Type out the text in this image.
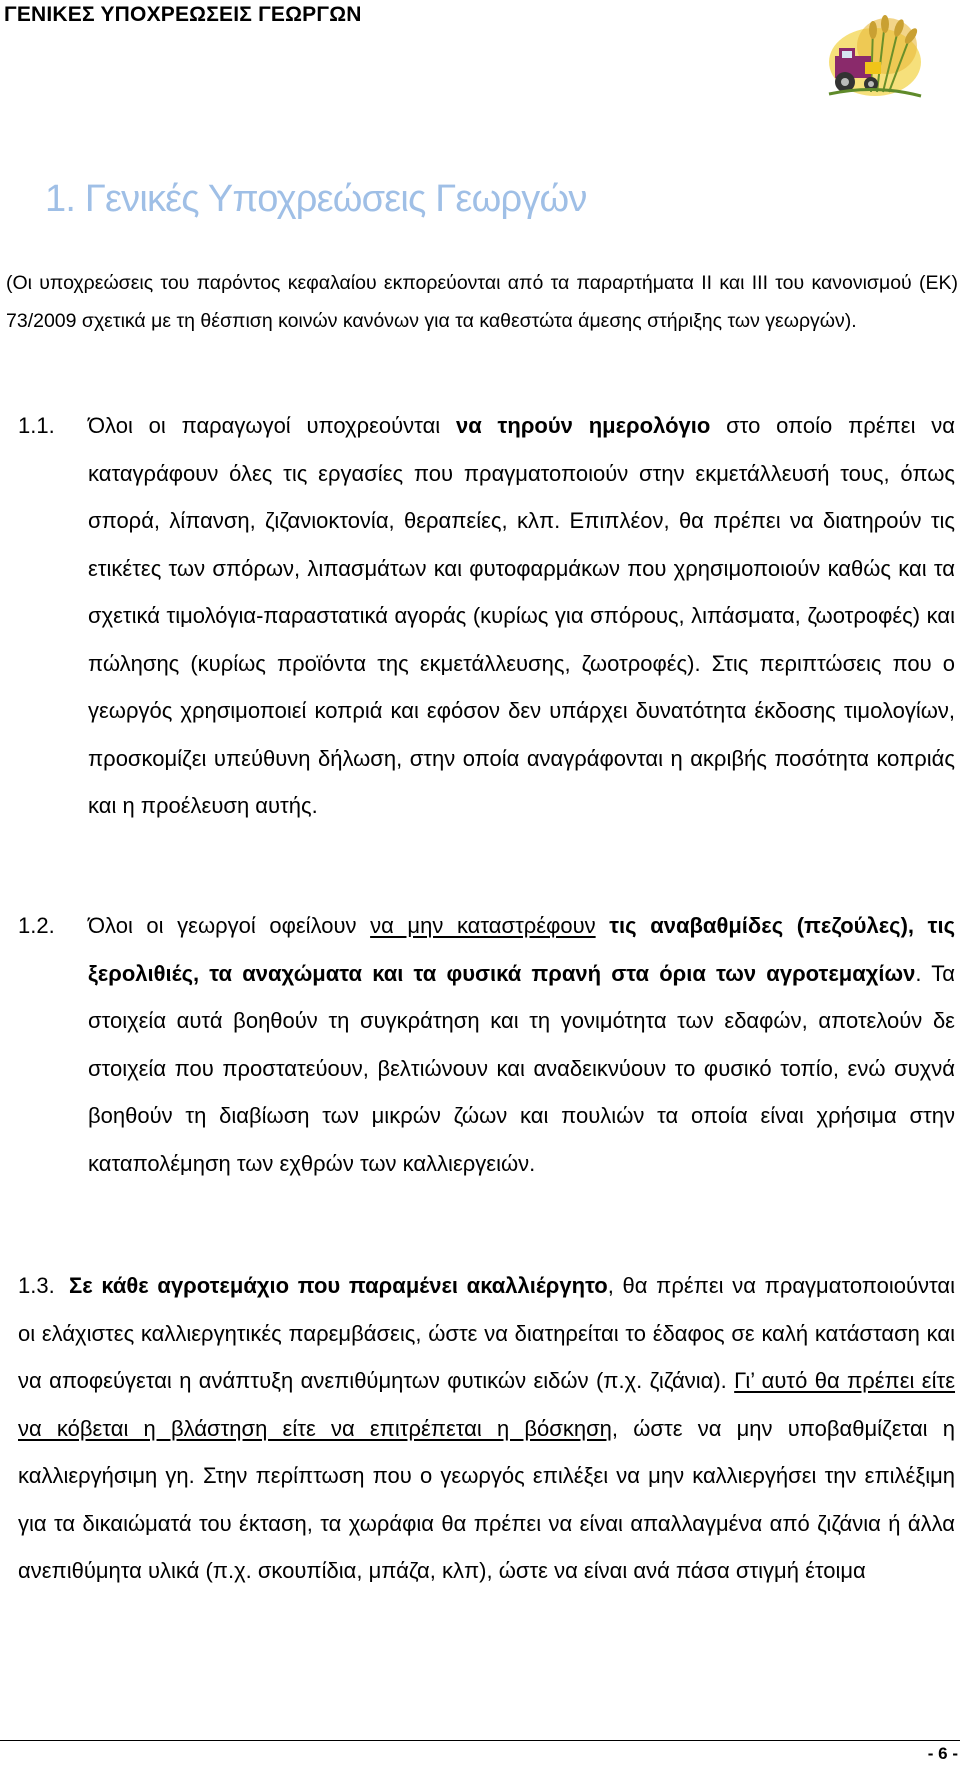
ΓΕΝΙΚΕΣ ΥΠΟΧΡΕΩΣΕΙΣ ΓΕΩΡΓΩΝ
1. Γενικές Υποχρεώσεις Γεωργών

(Οι υποχρεώσεις του παρόντος κεφαλαίου εκπορεύονται από τα παραρτήματα ΙΙ και ΙΙΙ του κανονισμού (ΕΚ) 73/2009 σχετικά με τη θέσπιση κοινών κανόνων για τα καθεστώτα άμεσης στήριξης των γεωργών).

1.1. Όλοι οι παραγωγοί υποχρεούνται να τηρούν ημερολόγιο στο οποίο πρέπει να καταγράφουν όλες τις εργασίες που πραγματοποιούν στην εκμετάλλευσή τους, όπως σπορά, λίπανση, ζιζανιοκτονία, θεραπείες, κλπ. Επιπλέον, θα πρέπει να διατηρούν τις ετικέτες των σπόρων, λιπασμάτων και φυτοφαρμάκων που χρησιμοποιούν καθώς και τα σχετικά τιμολόγια-παραστατικά αγοράς (κυρίως για σπόρους, λιπάσματα, ζωοτροφές) και πώλησης (κυρίως προϊόντα της εκμετάλλευσης, ζωοτροφές). Στις περιπτώσεις που ο γεωργός χρησιμοποιεί κοπριά και εφόσον δεν υπάρχει δυνατότητα έκδοσης τιμολογίων, προσκομίζει υπεύθυνη δήλωση, στην οποία αναγράφονται η ακριβής ποσότητα κοπριάς και η προέλευση αυτής.

1.2. Όλοι οι γεωργοί οφείλουν να μην καταστρέφουν τις αναβαθμίδες (πεζούλες), τις ξερολιθιές, τα αναχώματα και τα φυσικά πρανή στα όρια των αγροτεμαχίων. Τα στοιχεία αυτά βοηθούν τη συγκράτηση και τη γονιμότητα των εδαφών, αποτελούν δε στοιχεία που προστατεύουν, βελτιώνουν και αναδεικνύουν το φυσικό τοπίο, ενώ συχνά βοηθούν τη διαβίωση των μικρών ζώων και πουλιών τα οποία είναι χρήσιμα στην καταπολέμηση των εχθρών των καλλιεργειών.

1.3. Σε κάθε αγροτεμάχιο που παραμένει ακαλλιέργητο, θα πρέπει να πραγματοποιούνται οι ελάχιστες καλλιεργητικές παρεμβάσεις, ώστε να διατηρείται το έδαφος σε καλή κατάσταση και να αποφεύγεται η ανάπτυξη ανεπιθύμητων φυτικών ειδών (π.χ. ζιζάνια). Γι’ αυτό θα πρέπει είτε να κόβεται η βλάστηση είτε να επιτρέπεται η βόσκηση, ώστε να μην υποβαθμίζεται η καλλιεργήσιμη γη. Στην περίπτωση που ο γεωργός επιλέξει να μην καλλιεργήσει την επιλέξιμη για τα δικαιώματά του έκταση, τα χωράφια θα πρέπει να είναι απαλλαγμένα από ζιζάνια ή άλλα ανεπιθύμητα υλικά (π.χ. σκουπίδια, μπάζα, κλπ), ώστε να είναι ανά πάσα στιγμή έτοιμα

- 6 -
